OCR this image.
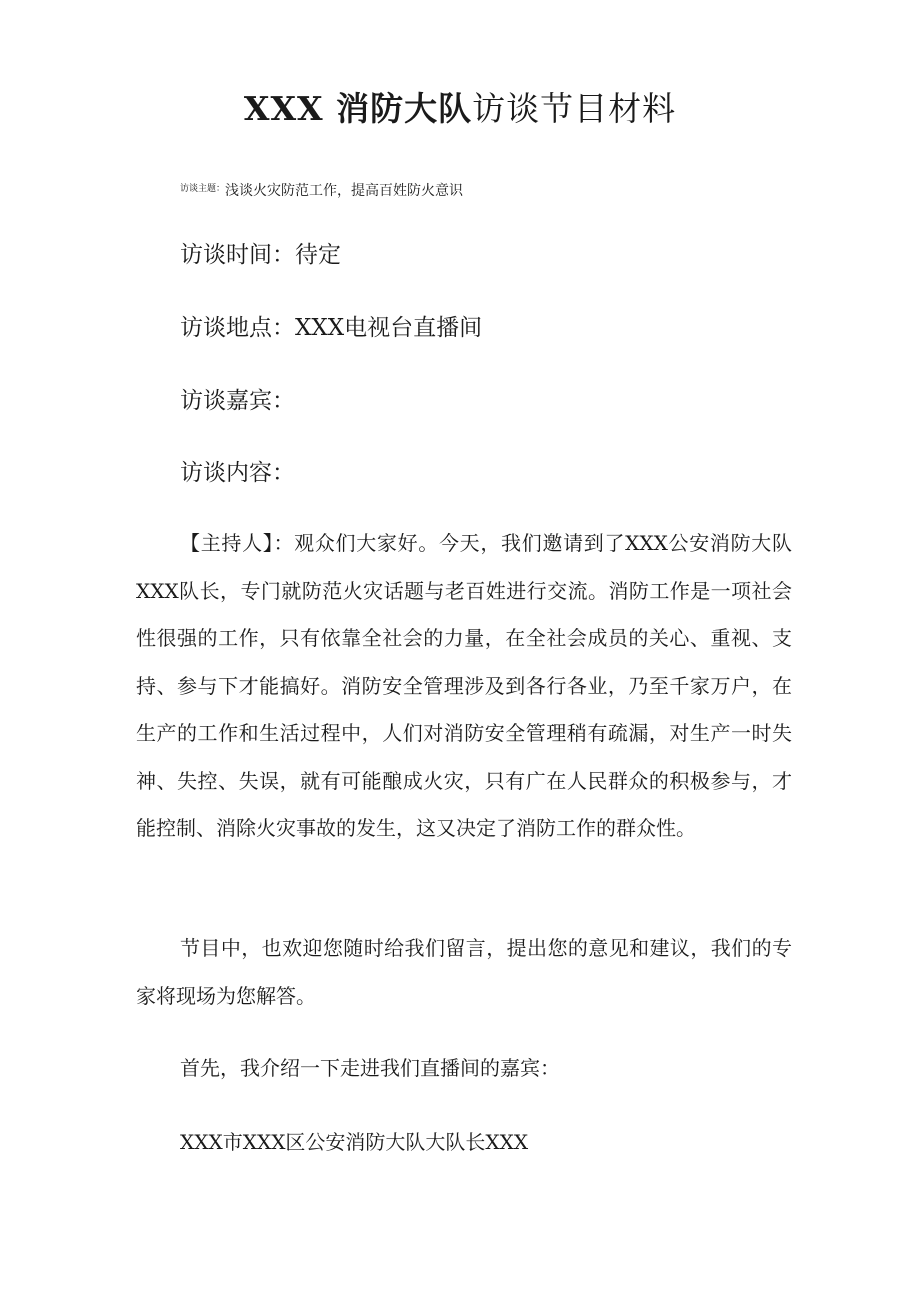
XXX 消防大队访谈节目材料
$^{访谈主题:}$浅谈火灾防范工作，提高百姓防火意识
访谈时间：待定
访谈地点：XXX电视台直播间
访谈嘉宾：
访谈内容：

【主持人】：观众们大家好。今天，我们邀请到了XXX公安消防大队XXX队长，专门就防范火灾话题与老百姓进行交流。消防工作是一项社会性很强的工作，只有依靠全社会的力量，在全社会成员的关心、重视、支持、参与下才能搞好。消防安全管理涉及到各行各业，乃至千家万户，在生产的工作和生活过程中，人们对消防安全管理稍有疏漏，对生产一时失神、失控、失误，就有可能酿成火灾，只有广在人民群众的积极参与，才能控制、消除火灾事故的发生，这又决定了消防工作的群众性。

节目中，也欢迎您随时给我们留言，提出您的意见和建议，我们的专家将现场为您解答。

首先，我介绍一下走进我们直播间的嘉宾：
XXX市XXX区公安消防大队大队长XXX
